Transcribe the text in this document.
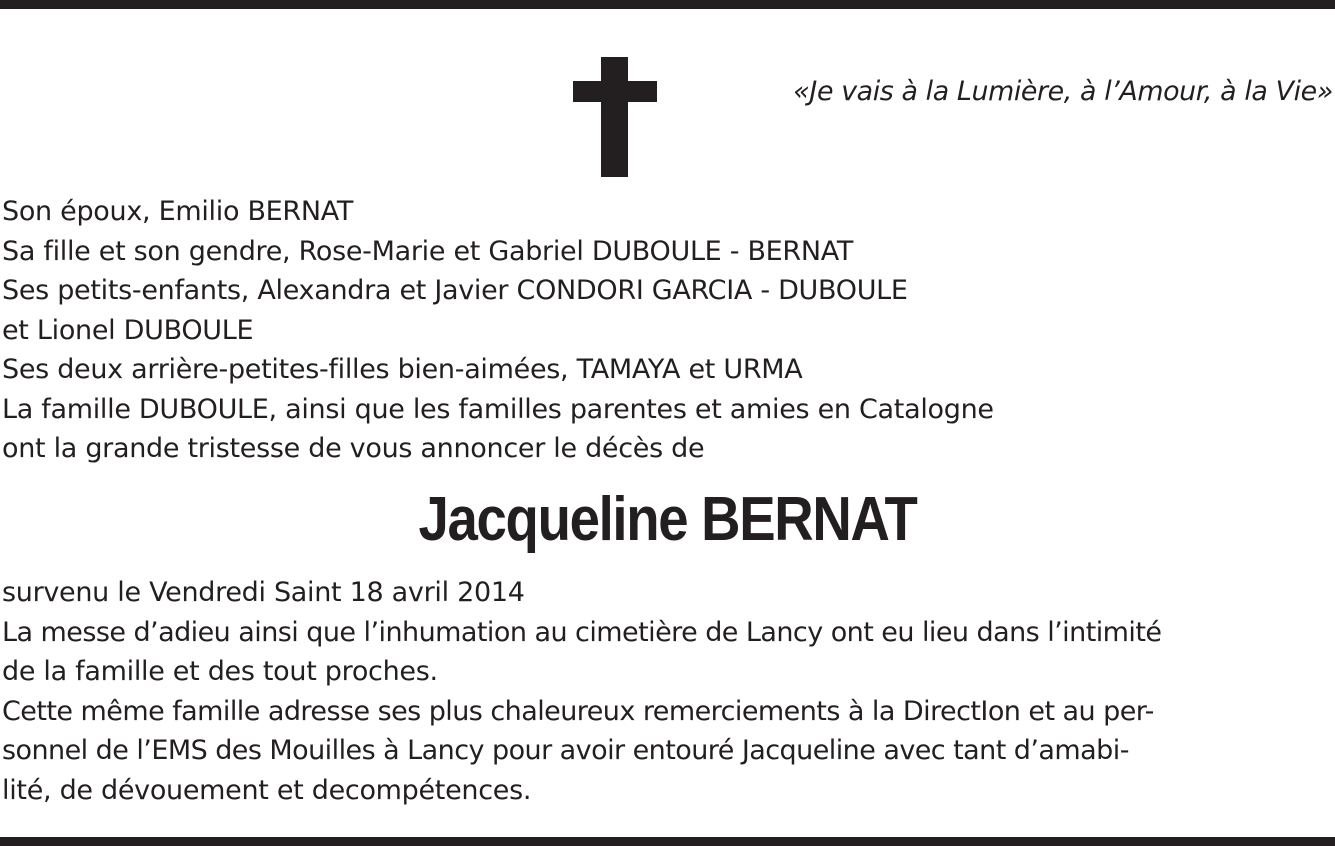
«Je vais à la Lumière, à l’Amour, à la Vie»
Son époux, Emilio BERNAT
Sa fille et son gendre, Rose-Marie et Gabriel DUBOULE - BERNAT
Ses petits-enfants, Alexandra et Javier CONDORI GARCIA - DUBOULE
et Lionel DUBOULE
Ses deux arrière-petites-filles bien-aimées, TAMAYA et URMA
La famille DUBOULE, ainsi que les familles parentes et amies en Catalogne
ont la grande tristesse de vous annoncer le décès de
Jacqueline BERNAT
survenu le Vendredi Saint 18 avril 2014
La messe d’adieu ainsi que l’inhumation au cimetière de Lancy ont eu lieu dans l’intimité
de la famille et des tout proches.
Cette même famille adresse ses plus chaleureux remerciements à la DirectIon et au per-
sonnel de l’EMS des Mouilles à Lancy pour avoir entouré Jacqueline avec tant d’amabi-
lité, de dévouement et decompétences.
